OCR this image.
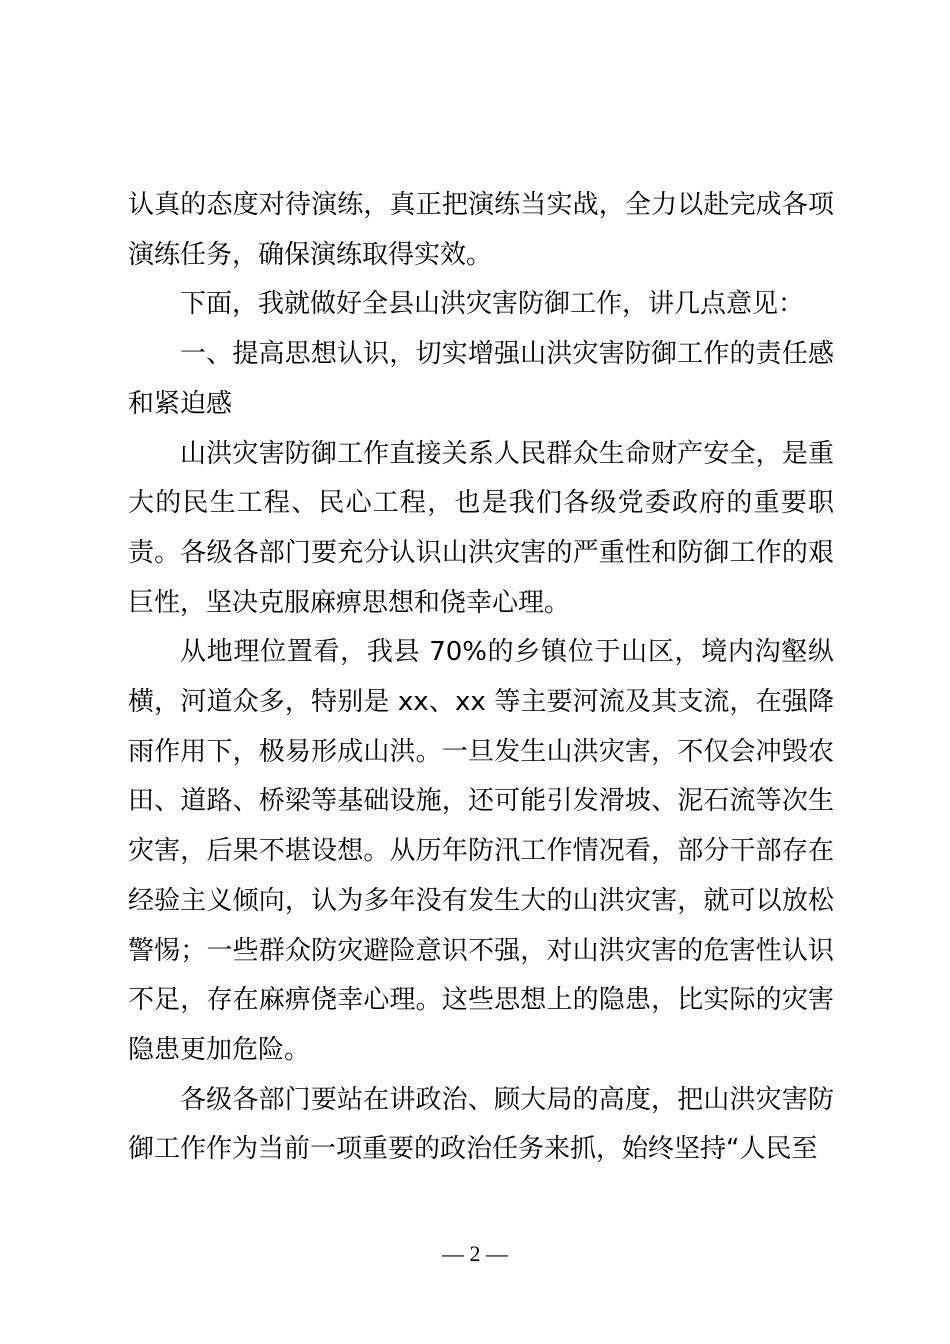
认真的态度对待演练，真正把演练当实战，全力以赴完成各项演练任务，确保演练取得实效。

下面，我就做好全县山洪灾害防御工作，讲几点意见：

一、提高思想认识，切实增强山洪灾害防御工作的责任感和紧迫感

山洪灾害防御工作直接关系人民群众生命财产安全，是重大的民生工程、民心工程，也是我们各级党委政府的重要职责。各级各部门要充分认识山洪灾害的严重性和防御工作的艰巨性，坚决克服麻痹思想和侥幸心理。

从地理位置看，我县 70%的乡镇位于山区，境内沟壑纵横，河道众多，特别是 xx、xx 等主要河流及其支流，在强降雨作用下，极易形成山洪。一旦发生山洪灾害，不仅会冲毁农田、道路、桥梁等基础设施，还可能引发滑坡、泥石流等次生灾害，后果不堪设想。从历年防汛工作情况看，部分干部存在经验主义倾向，认为多年没有发生大的山洪灾害，就可以放松警惕；一些群众防灾避险意识不强，对山洪灾害的危害性认识不足，存在麻痹侥幸心理。这些思想上的隐患，比实际的灾害隐患更加危险。

各级各部门要站在讲政治、顾大局的高度，把山洪灾害防御工作作为当前一项重要的政治任务来抓，始终坚持“人民至

— 2 —
